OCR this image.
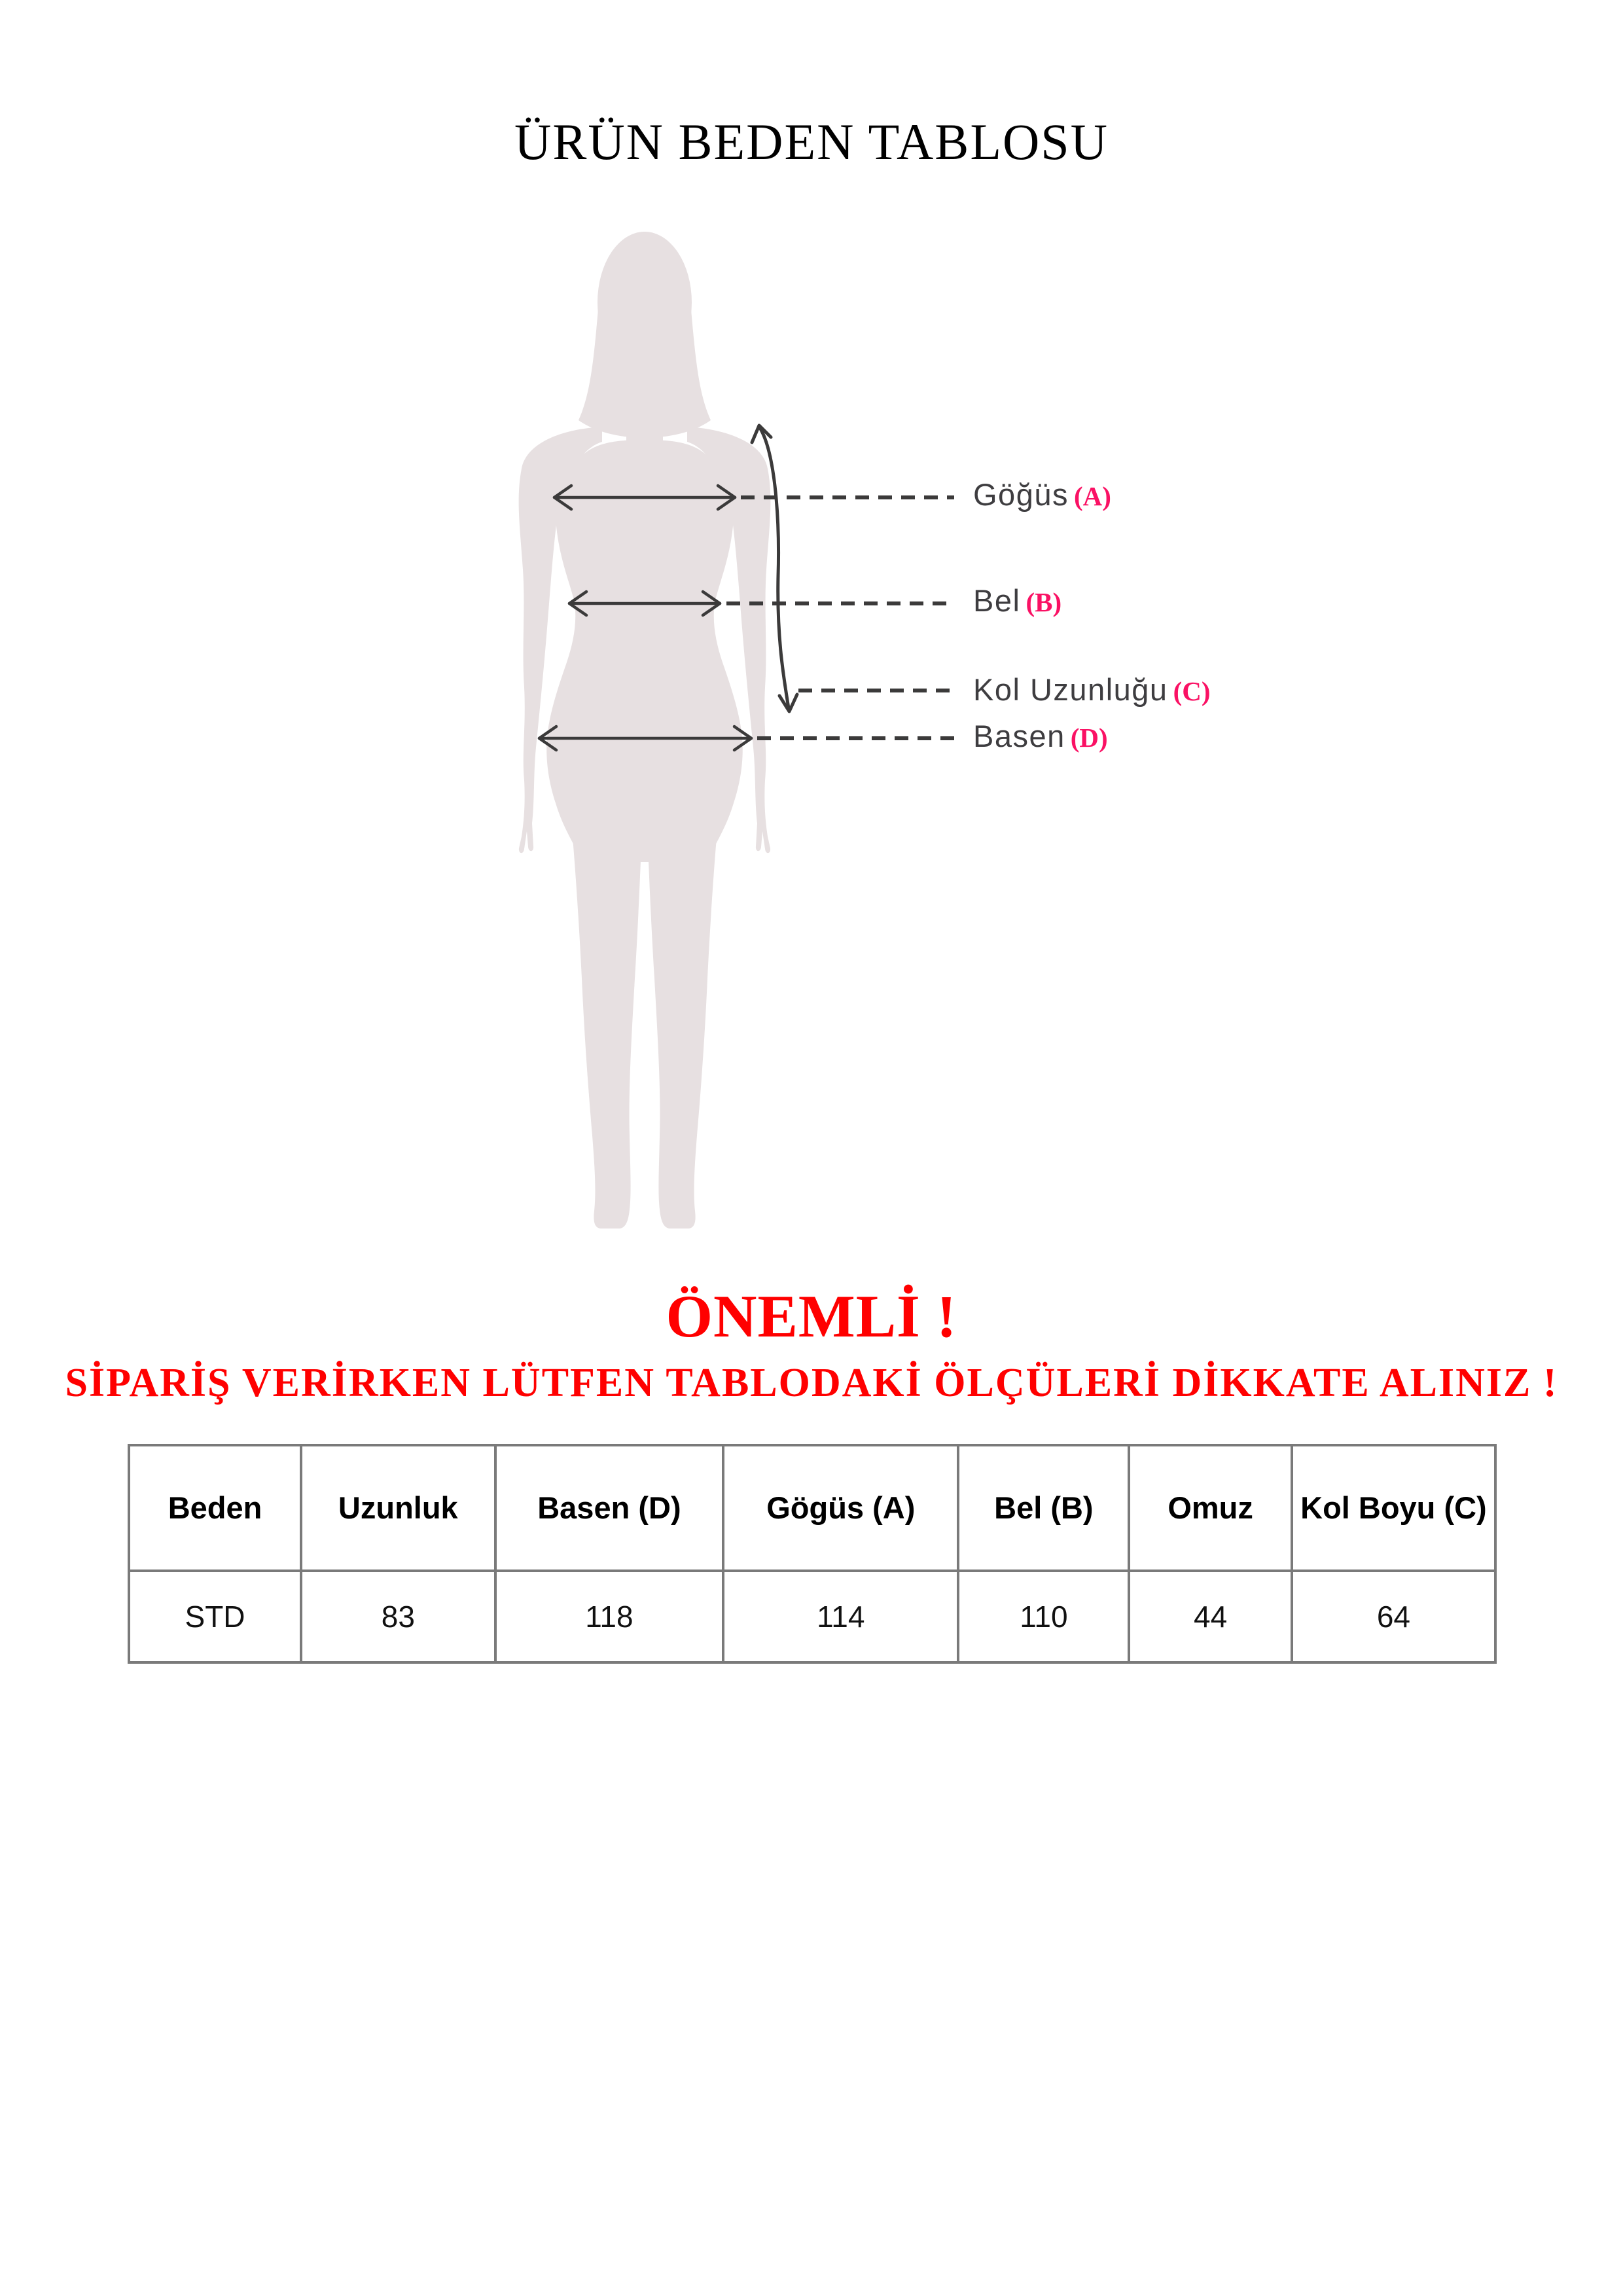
ÜRÜN BEDEN TABLOSU
Göğüs (A)
Bel (B)
Kol Uzunluğu (C)
Basen (D)
ÖNEMLİ !
SİPARİŞ VERİRKEN LÜTFEN TABLODAKİ ÖLÇÜLERİ DİKKATE ALINIZ !
Beden	Uzunluk	Basen (D)	Gögüs (A)	Bel (B)	Omuz	Kol Boyu (C)
STD	83	118	114	110	44	64
